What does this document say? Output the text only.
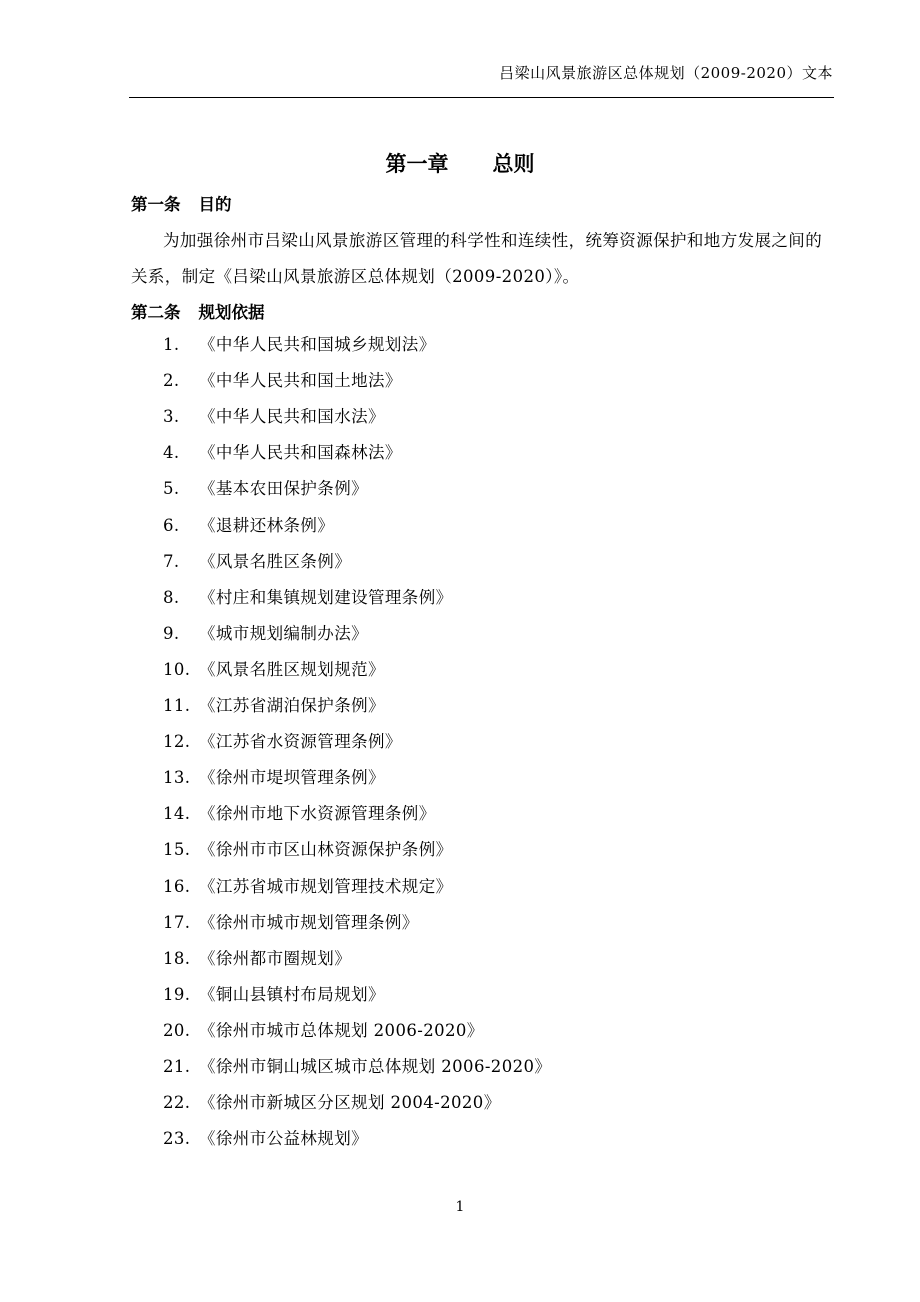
吕梁山风景旅游区总体规划（2009-2020）文本
第一章 总则
第一条 目的
为加强徐州市吕梁山风景旅游区管理的科学性和连续性，统筹资源保护和地方发展之间的关系，制定《吕梁山风景旅游区总体规划（2009-2020）》。
第二条 规划依据
1. 《中华人民共和国城乡规划法》
2. 《中华人民共和国土地法》
3. 《中华人民共和国水法》
4. 《中华人民共和国森林法》
5. 《基本农田保护条例》
6. 《退耕还林条例》
7. 《风景名胜区条例》
8. 《村庄和集镇规划建设管理条例》
9. 《城市规划编制办法》
10. 《风景名胜区规划规范》
11. 《江苏省湖泊保护条例》
12. 《江苏省水资源管理条例》
13. 《徐州市堤坝管理条例》
14. 《徐州市地下水资源管理条例》
15. 《徐州市市区山林资源保护条例》
16. 《江苏省城市规划管理技术规定》
17. 《徐州市城市规划管理条例》
18. 《徐州都市圈规划》
19. 《铜山县镇村布局规划》
20. 《徐州市城市总体规划 2006-2020》
21. 《徐州市铜山城区城市总体规划 2006-2020》
22. 《徐州市新城区分区规划 2004-2020》
23. 《徐州市公益林规划》
1
